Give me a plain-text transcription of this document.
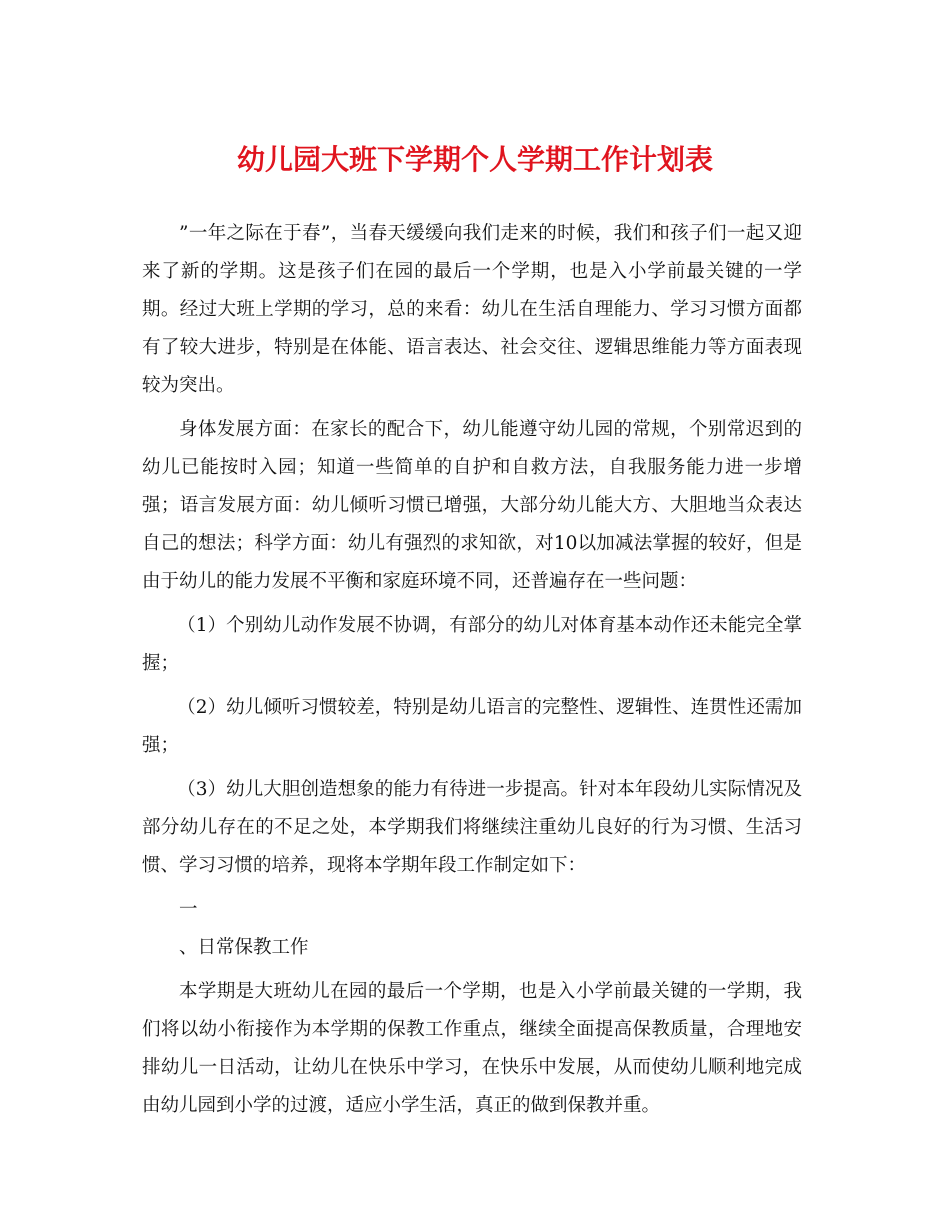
幼儿园大班下学期个人学期工作计划表

”一年之际在于春”，当春天缓缓向我们走来的时候，我们和孩子们一起又迎来了新的学期。这是孩子们在园的最后一个学期，也是入小学前最关键的一学期。经过大班上学期的学习，总的来看：幼儿在生活自理能力、学习习惯方面都有了较大进步，特别是在体能、语言表达、社会交往、逻辑思维能力等方面表现较为突出。

身体发展方面：在家长的配合下，幼儿能遵守幼儿园的常规，个别常迟到的幼儿已能按时入园；知道一些简单的自护和自救方法，自我服务能力进一步增强；语言发展方面：幼儿倾听习惯已增强，大部分幼儿能大方、大胆地当众表达自己的想法；科学方面：幼儿有强烈的求知欲，对10以加减法掌握的较好，但是由于幼儿的能力发展不平衡和家庭环境不同，还普遍存在一些问题：

（1）个别幼儿动作发展不协调，有部分的幼儿对体育基本动作还未能完全掌握；

（2）幼儿倾听习惯较差，特别是幼儿语言的完整性、逻辑性、连贯性还需加强；

（3）幼儿大胆创造想象的能力有待进一步提高。针对本年段幼儿实际情况及部分幼儿存在的不足之处，本学期我们将继续注重幼儿良好的行为习惯、生活习惯、学习习惯的培养，现将本学期年段工作制定如下：

一

、日常保教工作

本学期是大班幼儿在园的最后一个学期，也是入小学前最关键的一学期，我们将以幼小衔接作为本学期的保教工作重点，继续全面提高保教质量，合理地安排幼儿一日活动，让幼儿在快乐中学习，在快乐中发展，从而使幼儿顺利地完成由幼儿园到小学的过渡，适应小学生活，真正的做到保教并重。
